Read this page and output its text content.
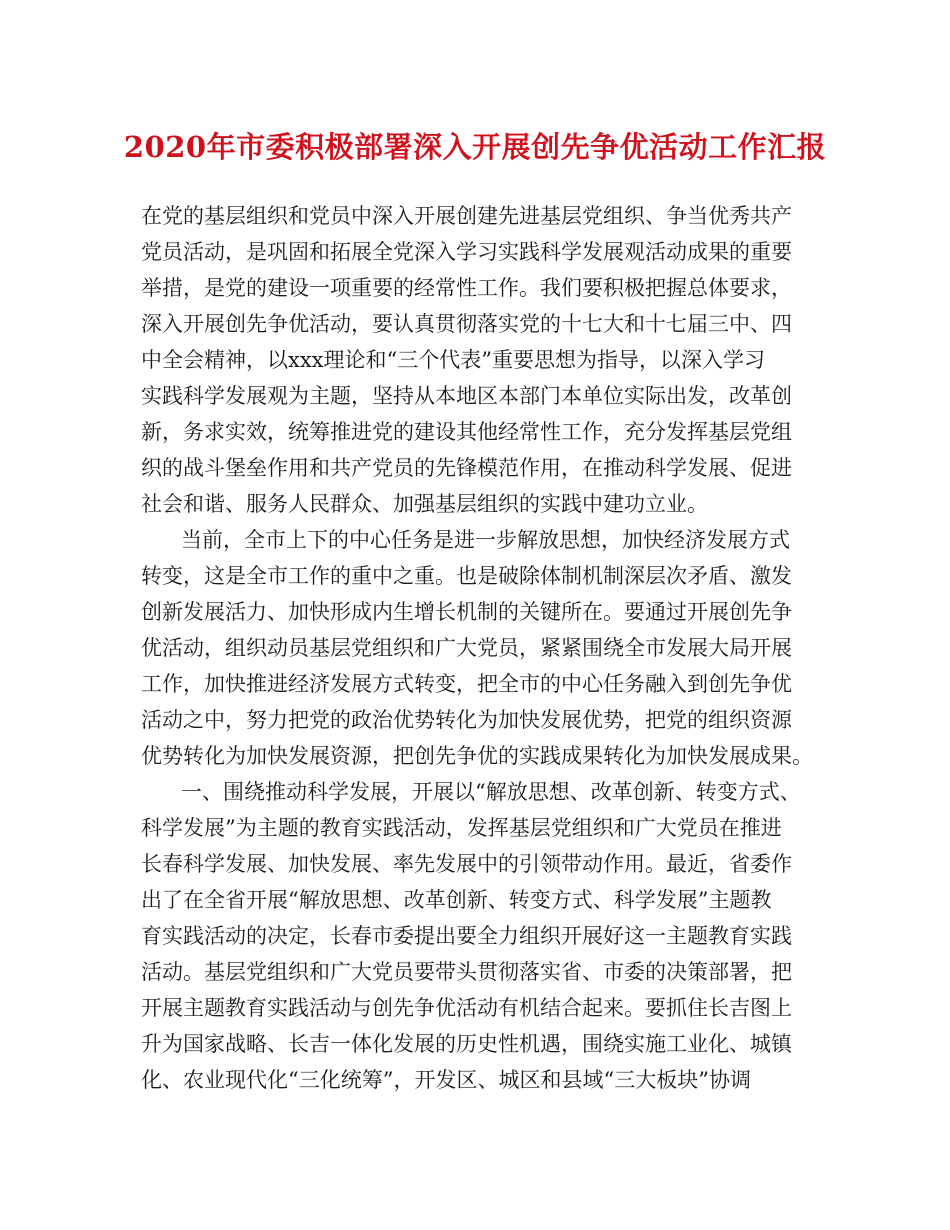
2020年市委积极部署深入开展创先争优活动工作汇报
在党的基层组织和党员中深入开展创建先进基层党组织、争当优秀共产
党员活动，是巩固和拓展全党深入学习实践科学发展观活动成果的重要
举措，是党的建设一项重要的经常性工作。我们要积极把握总体要求，
深入开展创先争优活动，要认真贯彻落实党的十七大和十七届三中、四
中全会精神，以xxx理论和“三个代表”重要思想为指导，以深入学习
实践科学发展观为主题，坚持从本地区本部门本单位实际出发，改革创
新，务求实效，统筹推进党的建设其他经常性工作，充分发挥基层党组
织的战斗堡垒作用和共产党员的先锋模范作用，在推动科学发展、促进
社会和谐、服务人民群众、加强基层组织的实践中建功立业。
当前，全市上下的中心任务是进一步解放思想，加快经济发展方式
转变，这是全市工作的重中之重。也是破除体制机制深层次矛盾、激发
创新发展活力、加快形成内生增长机制的关键所在。要通过开展创先争
优活动，组织动员基层党组织和广大党员，紧紧围绕全市发展大局开展
工作，加快推进经济发展方式转变，把全市的中心任务融入到创先争优
活动之中，努力把党的政治优势转化为加快发展优势，把党的组织资源
优势转化为加快发展资源，把创先争优的实践成果转化为加快发展成果。
一、围绕推动科学发展，开展以“解放思想、改革创新、转变方式、
科学发展”为主题的教育实践活动，发挥基层党组织和广大党员在推进
长春科学发展、加快发展、率先发展中的引领带动作用。最近，省委作
出了在全省开展“解放思想、改革创新、转变方式、科学发展”主题教
育实践活动的决定，长春市委提出要全力组织开展好这一主题教育实践
活动。基层党组织和广大党员要带头贯彻落实省、市委的决策部署，把
开展主题教育实践活动与创先争优活动有机结合起来。要抓住长吉图上
升为国家战略、长吉一体化发展的历史性机遇，围绕实施工业化、城镇
化、农业现代化“三化统筹”，开发区、城区和县域“三大板块”协调
